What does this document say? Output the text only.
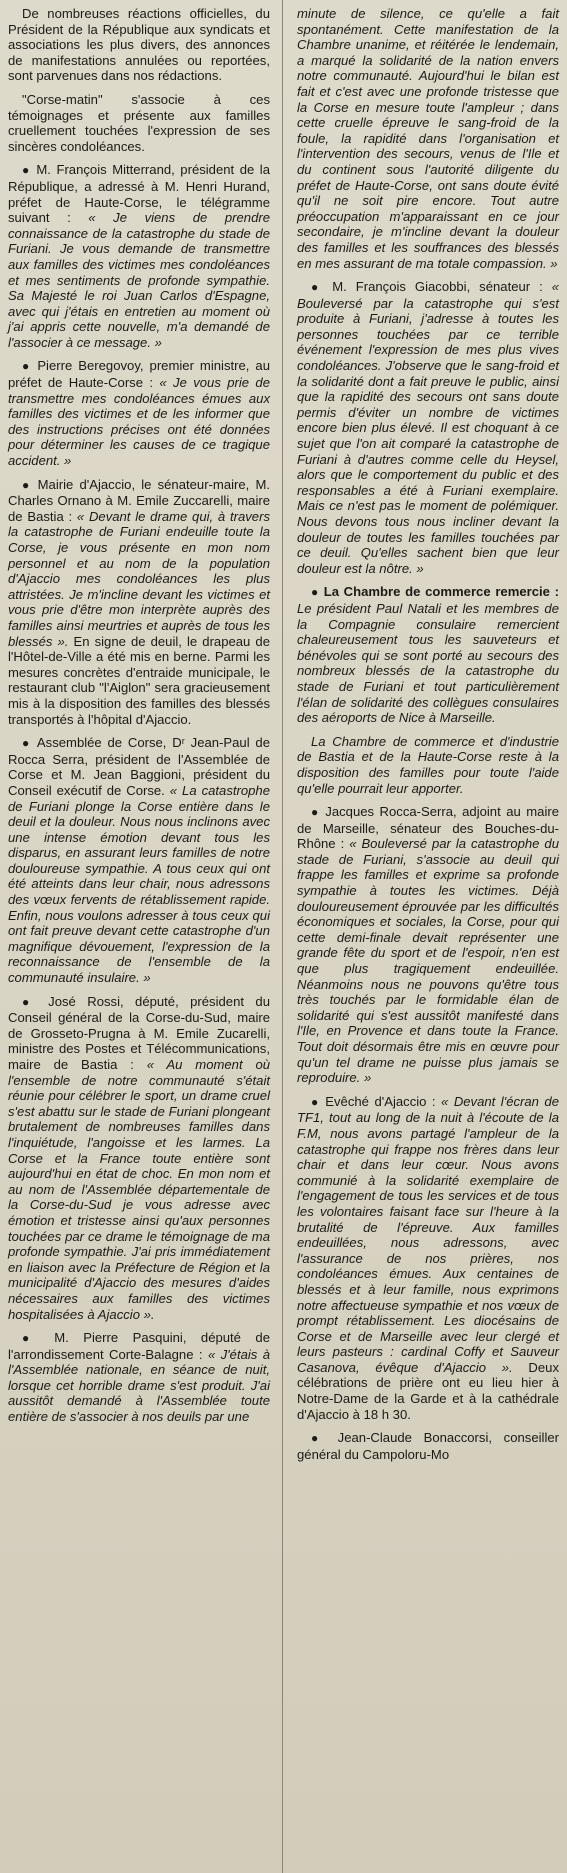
De nombreuses réactions officielles, du Président de la République aux syndicats et associations les plus divers, des annonces de manifestations annulées ou reportées, sont parvenues dans nos rédactions.

"Corse-matin" s'associe à ces témoignages et présente aux familles cruellement touchées l'expression de ses sincères condoléances.

● M. François Mitterrand, président de la République, a adressé à M. Henri Hurand, préfet de Haute-Corse, le télégramme suivant : « Je viens de prendre connaissance de la catastrophe du stade de Furiani. Je vous demande de transmettre aux familles des victimes mes condoléances et mes sentiments de profonde sympathie. Sa Majesté le roi Juan Carlos d'Espagne, avec qui j'étais en entretien au moment où j'ai appris cette nouvelle, m'a demandé de l'associer à ce message. »

● Pierre Beregovoy, premier ministre, au préfet de Haute-Corse : « Je vous prie de transmettre mes condoléances émues aux familles des victimes et de les informer que des instructions précises ont été données pour déterminer les causes de ce tragique accident. »

● Mairie d'Ajaccio, le sénateur-maire, M. Charles Ornano à M. Emile Zuccarelli, maire de Bastia : « Devant le drame qui, à travers la catastrophe de Furiani endeuille toute la Corse, je vous présente en mon nom personnel et au nom de la population d'Ajaccio mes condoléances les plus attristées. Je m'incline devant les victimes et vous prie d'être mon interprète auprès des familles ainsi meurtries et auprès de tous les blessés ». En signe de deuil, le drapeau de l'Hôtel-de-Ville a été mis en berne. Parmi les mesures concrètes d'entraide municipale, le restaurant club "l'Aiglon" sera gracieusement mis à la disposition des familles des blessés transportés à l'hôpital d'Ajaccio.

● Assemblée de Corse, Dʳ Jean-Paul de Rocca Serra, président de l'Assemblée de Corse et M. Jean Baggioni, président du Conseil exécutif de Corse. « La catastrophe de Furiani plonge la Corse entière dans le deuil et la douleur. Nous nous inclinons avec une intense émotion devant tous les disparus, en assurant leurs familles de notre douloureuse sympathie. A tous ceux qui ont été atteints dans leur chair, nous adressons des vœux fervents de rétablissement rapide. Enfin, nous voulons adresser à tous ceux qui ont fait preuve devant cette catastrophe d'un magnifique dévouement, l'expression de la reconnaissance de l'ensemble de la communauté insulaire. »

● José Rossi, député, président du Conseil général de la Corse-du-Sud, maire de Grosseto-Prugna à M. Emile Zucarelli, ministre des Postes et Télécommunications, maire de Bastia : « Au moment où l'ensemble de notre communauté s'était réunie pour célébrer le sport, un drame cruel s'est abattu sur le stade de Furiani plongeant brutalement de nombreuses familles dans l'inquiétude, l'angoisse et les larmes. La Corse et la France toute entière sont aujourd'hui en état de choc. En mon nom et au nom de l'Assemblée départementale de la Corse-du-Sud je vous adresse avec émotion et tristesse ainsi qu'aux personnes touchées par ce drame le témoignage de ma profonde sympathie. J'ai pris immédiatement en liaison avec la Préfecture de Région et la municipalité d'Ajaccio des mesures d'aides nécessaires aux familles des victimes hospitalisées à Ajaccio ».

● M. Pierre Pasquini, député de l'arrondissement Corte-Balagne : « J'étais à l'Assemblée nationale, en séance de nuit, lorsque cet horrible drame s'est produit. J'ai aussitôt demandé à l'Assemblée toute entière de s'associer à nos deuils par une

minute de silence, ce qu'elle a fait spontanément. Cette manifestation de la Chambre unanime, et réitérée le lendemain, a marqué la solidarité de la nation envers notre communauté. Aujourd'hui le bilan est fait et c'est avec une profonde tristesse que la Corse en mesure toute l'ampleur ; dans cette cruelle épreuve le sang-froid de la foule, la rapidité dans l'organisation et l'intervention des secours, venus de l'Ile et du continent sous l'autorité diligente du préfet de Haute-Corse, ont sans doute évité qu'il ne soit pire encore. Tout autre préoccupation m'apparaissant en ce jour secondaire, je m'incline devant la douleur des familles et les souffrances des blessés en mes assurant de ma totale compassion. »

● M. François Giacobbi, sénateur : « Bouleversé par la catastrophe qui s'est produite à Furiani, j'adresse à toutes les personnes touchées par ce terrible événement l'expression de mes plus vives condoléances. J'observe que le sang-froid et la solidarité dont a fait preuve le public, ainsi que la rapidité des secours ont sans doute permis d'éviter un nombre de victimes encore bien plus élevé. Il est choquant à ce sujet que l'on ait comparé la catastrophe de Furiani à d'autres comme celle du Heysel, alors que le comportement du public et des responsables a été à Furiani exemplaire. Mais ce n'est pas le moment de polémiquer. Nous devons tous nous incliner devant la douleur de toutes les familles touchées par ce deuil. Qu'elles sachent bien que leur douleur est la nôtre. »

● La Chambre de commerce remercie : Le président Paul Natali et les membres de la Compagnie consulaire remercient chaleureusement tous les sauveteurs et bénévoles qui se sont porté au secours des nombreux blessés de la catastrophe du stade de Furiani et tout particulièrement l'élan de solidarité des collègues consulaires des aéroports de Nice à Marseille.

La Chambre de commerce et d'industrie de Bastia et de la Haute-Corse reste à la disposition des familles pour toute l'aide qu'elle pourrait leur apporter.

● Jacques Rocca-Serra, adjoint au maire de Marseille, sénateur des Bouches-du-Rhône : « Bouleversé par la catastrophe du stade de Furiani, s'associe au deuil qui frappe les familles et exprime sa profonde sympathie à toutes les victimes. Déjà douloureusement éprouvée par les difficultés économiques et sociales, la Corse, pour qui cette demi-finale devait représenter une grande fête du sport et de l'espoir, n'en est que plus tragiquement endeuillée. Néanmoins nous ne pouvons qu'être tous très touchés par le formidable élan de solidarité qui s'est aussitôt manifesté dans l'Ile, en Provence et dans toute la France. Tout doit désormais être mis en œuvre pour qu'un tel drame ne puisse plus jamais se reproduire. »

● Evêché d'Ajaccio : « Devant l'écran de TF1, tout au long de la nuit à l'écoute de la F.M, nous avons partagé l'ampleur de la catastrophe qui frappe nos frères dans leur chair et dans leur cœur. Nous avons communié à la solidarité exemplaire de l'engagement de tous les services et de tous les volontaires faisant face sur l'heure à la brutalité de l'épreuve. Aux familles endeuillées, nous adressons, avec l'assurance de nos prières, nos condoléances émues. Aux centaines de blessés et à leur famille, nous exprimons notre affectueuse sympathie et nos vœux de prompt rétablissement. Les diocésains de Corse et de Marseille avec leur clergé et leurs pasteurs : cardinal Coffy et Sauveur Casanova, évêque d'Ajaccio ». Deux célébrations de prière ont eu lieu hier à Notre-Dame de la Garde et à la cathédrale d'Ajaccio à 18 h 30.

● Jean-Claude Bonaccorsi, conseiller général du Campoloru-Mo
